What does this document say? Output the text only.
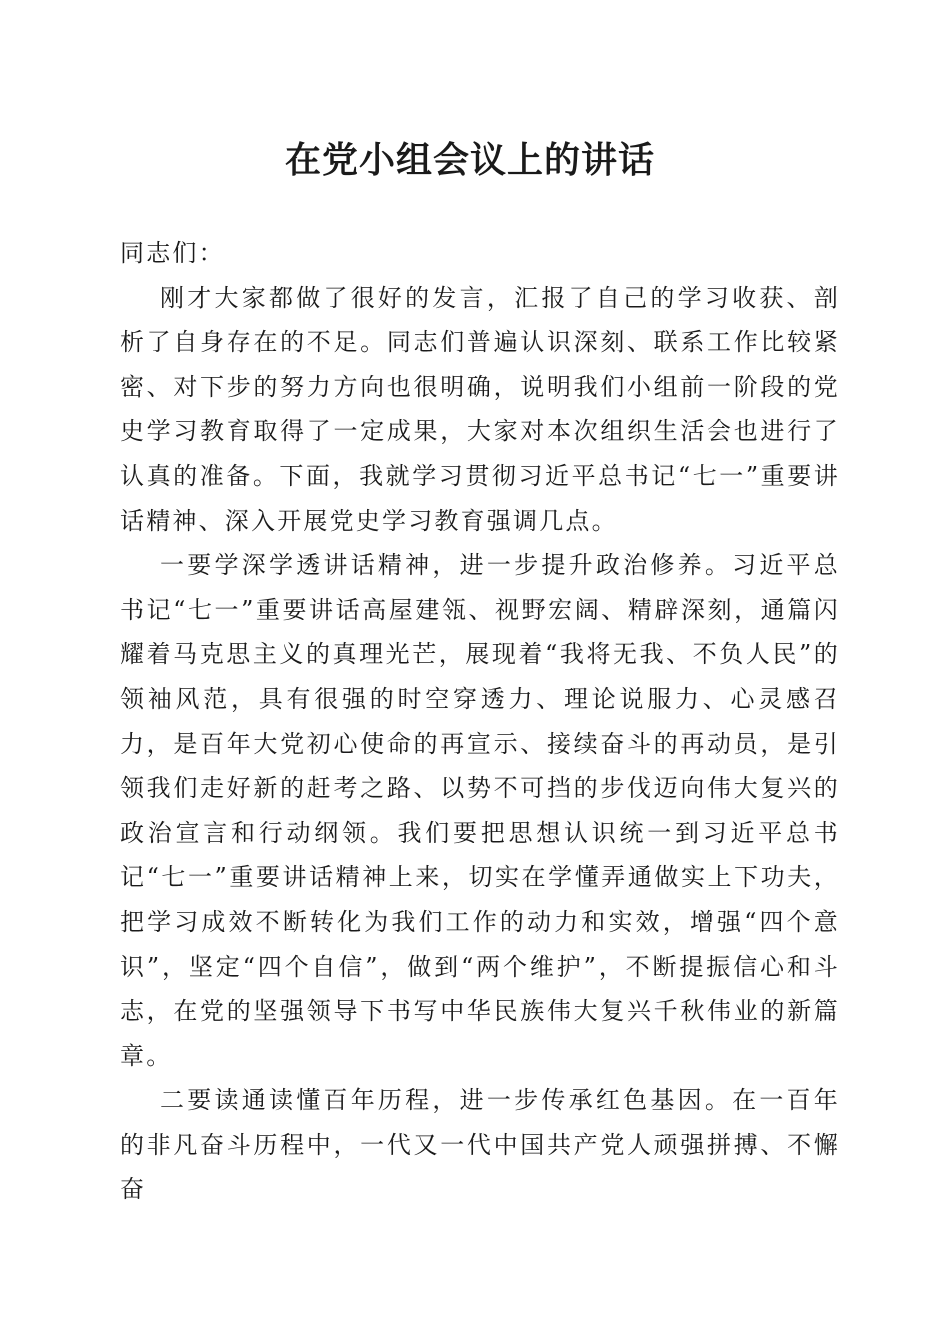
在党小组会议上的讲话

同志们：

刚才大家都做了很好的发言，汇报了自己的学习收获、剖析了自身存在的不足。同志们普遍认识深刻、联系工作比较紧密、对下步的努力方向也很明确，说明我们小组前一阶段的党史学习教育取得了一定成果，大家对本次组织生活会也进行了认真的准备。下面，我就学习贯彻习近平总书记“七一”重要讲话精神、深入开展党史学习教育强调几点。

一要学深学透讲话精神，进一步提升政治修养。习近平总书记“七一”重要讲话高屋建瓴、视野宏阔、精辟深刻，通篇闪耀着马克思主义的真理光芒，展现着“我将无我、不负人民”的领袖风范，具有很强的时空穿透力、理论说服力、心灵感召力，是百年大党初心使命的再宣示、接续奋斗的再动员，是引领我们走好新的赶考之路、以势不可挡的步伐迈向伟大复兴的政治宣言和行动纲领。我们要把思想认识统一到习近平总书记“七一”重要讲话精神上来，切实在学懂弄通做实上下功夫，把学习成效不断转化为我们工作的动力和实效，增强“四个意识”，坚定“四个自信”，做到“两个维护”，不断提振信心和斗志，在党的坚强领导下书写中华民族伟大复兴千秋伟业的新篇章。

二要读通读懂百年历程，进一步传承红色基因。在一百年的非凡奋斗历程中，一代又一代中国共产党人顽强拼搏、不懈奋
